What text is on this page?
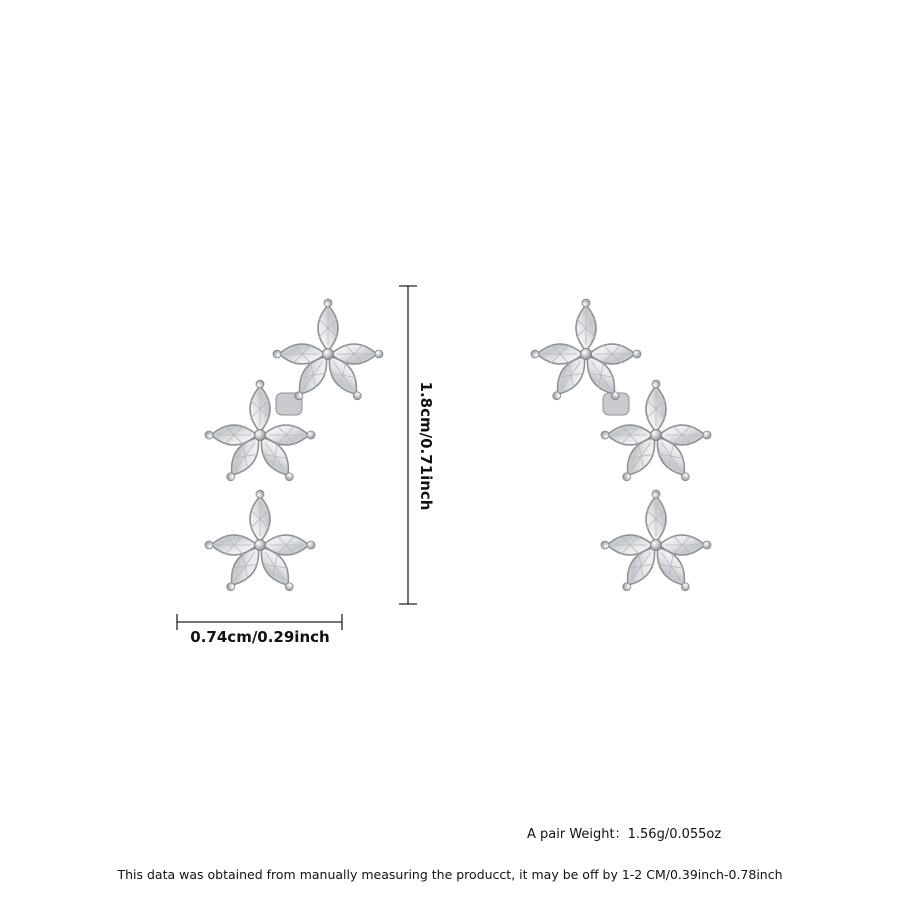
1.8cm/0.71inch
0.74cm/0.29inch
A pair Weight：1.56g/0.055oz
This data was obtained from manually measuring the producct, it may be off by 1-2 CM/0.39inch-0.78inch
